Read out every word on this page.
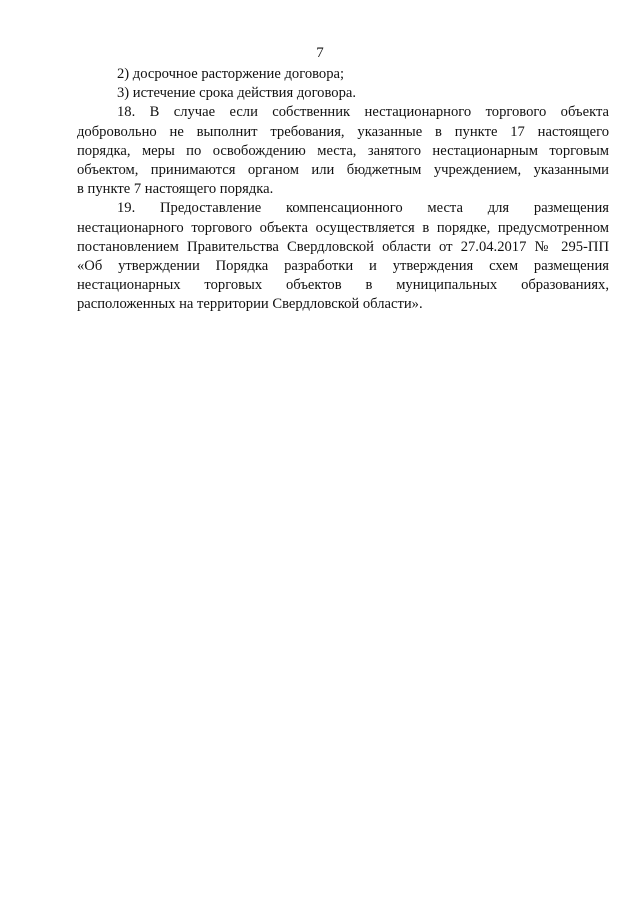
7
2) досрочное расторжение договора;
3) истечение срока действия договора.
18. В случае если собственник нестационарного торгового объекта
добровольно не выполнит требования, указанные в пункте 17 настоящего
порядка, меры по освобождению места, занятого нестационарным торговым
объектом, принимаются органом или бюджетным учреждением, указанными
в пункте 7 настоящего порядка.
19. Предоставление компенсационного места для размещения
нестационарного торгового объекта осуществляется в порядке, предусмотренном
постановлением Правительства Свердловской области от 27.04.2017 № 295-ПП
«Об утверждении Порядка разработки и утверждения схем размещения
нестационарных торговых объектов в муниципальных образованиях,
расположенных на территории Свердловской области».
